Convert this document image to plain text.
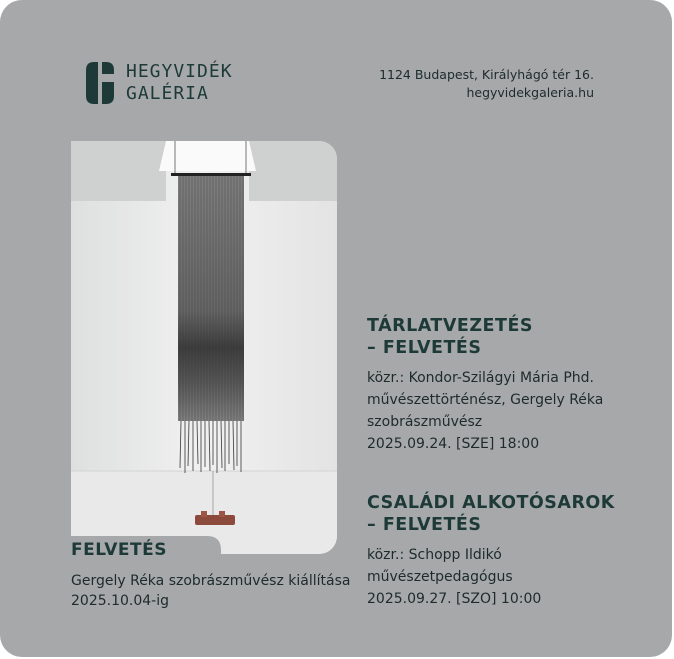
HEGYVIDÉK
GALÉRIA
1124 Budapest, Királyhágó tér 16.
hegyvidekgaleria.hu
FELVETÉS
Gergely Réka szobrászművész kiállítása 2025.10.04-ig
TÁRLATVEZETÉS
– FELVETÉS
közr.: Kondor-Szilágyi Mária Phd.
művészettörténész, Gergely Réka
szobrászművész
2025.09.24. [SZE] 18:00
CSALÁDI ALKOTÓSAROK
– FELVETÉS
közr.: Schopp Ildikó
művészetpedagógus
2025.09.27. [SZO] 10:00
